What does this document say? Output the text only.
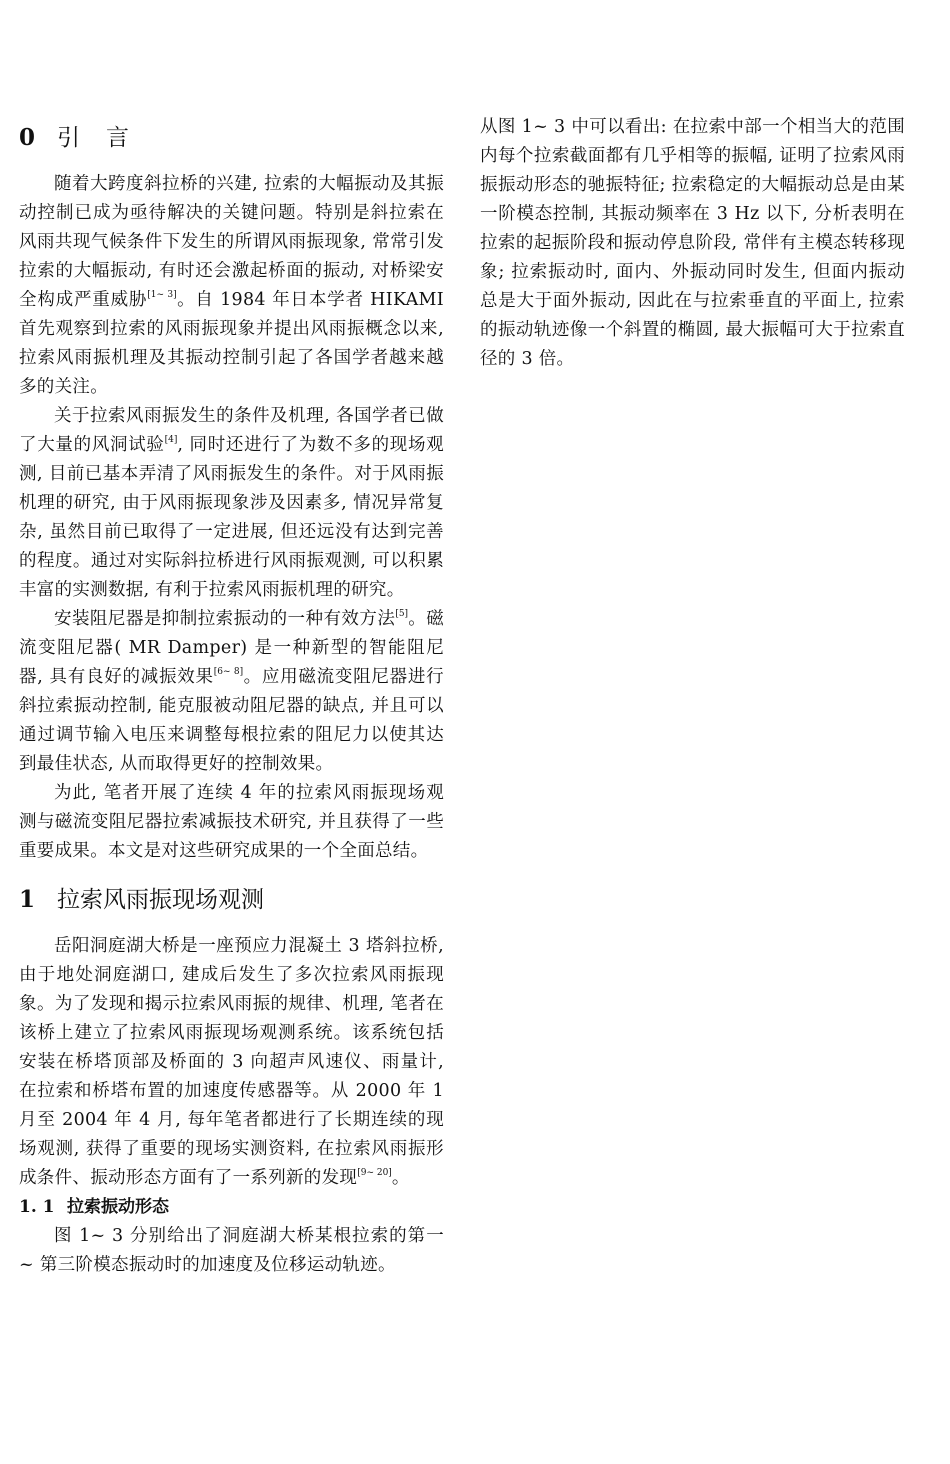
0 引言

随着大跨度斜拉桥的兴建, 拉索的大幅振动及其振动控制已成为亟待解决的关键问题。特别是斜拉索在风雨共现气候条件下发生的所谓风雨振现象, 常常引发拉索的大幅振动, 有时还会激起桥面的振动, 对桥梁安全构成严重威胁[1~ 3]。自 1984 年日本学者 HIKAMI 首先观察到拉索的风雨振现象并提出风雨振概念以来, 拉索风雨振机理及其振动控制引起了各国学者越来越多的关注。

关于拉索风雨振发生的条件及机理, 各国学者已做了大量的风洞试验[4], 同时还进行了为数不多的现场观测, 目前已基本弄清了风雨振发生的条件。对于风雨振机理的研究, 由于风雨振现象涉及因素多, 情况异常复杂, 虽然目前已取得了一定进展, 但还远没有达到完善的程度。通过对实际斜拉桥进行风雨振观测, 可以积累丰富的实测数据, 有利于拉索风雨振机理的研究。

安装阻尼器是抑制拉索振动的一种有效方法[5]。磁流变阻尼器( MR Damper) 是一种新型的智能阻尼器, 具有良好的减振效果[6~ 8]。应用磁流变阻尼器进行斜拉索振动控制, 能克服被动阻尼器的缺点, 并且可以通过调节输入电压来调整每根拉索的阻尼力以使其达到最佳状态, 从而取得更好的控制效果。

为此, 笔者开展了连续 4 年的拉索风雨振现场观测与磁流变阻尼器拉索减振技术研究, 并且获得了一些重要成果。本文是对这些研究成果的一个全面总结。

1 拉索风雨振现场观测

岳阳洞庭湖大桥是一座预应力混凝土 3 塔斜拉桥, 由于地处洞庭湖口, 建成后发生了多次拉索风雨振现象。为了发现和揭示拉索风雨振的规律、机理, 笔者在该桥上建立了拉索风雨振现场观测系统。该系统包括安装在桥塔顶部及桥面的 3 向超声风速仪、雨量计, 在拉索和桥塔布置的加速度传感器等。从 2000 年 1 月至 2004 年 4 月, 每年笔者都进行了长期连续的现场观测, 获得了重要的现场实测资料, 在拉索风雨振形成条件、振动形态方面有了一系列新的发现[9~ 20]。

1. 1 拉索振动形态

图 1~ 3 分别给出了洞庭湖大桥某根拉索的第一~ 第三阶模态振动时的加速度及位移运动轨迹。

从图 1~ 3 中可以看出: 在拉索中部一个相当大的范围内每个拉索截面都有几乎相等的振幅, 证明了拉索风雨振振动形态的驰振特征; 拉索稳定的大幅振动总是由某一阶模态控制, 其振动频率在 3 Hz 以下, 分析表明在拉索的起振阶段和振动停息阶段, 常伴有主模态转移现象; 拉索振动时, 面内、外振动同时发生, 但面内振动总是大于面外振动, 因此在与拉索垂直的平面上, 拉索的振动轨迹像一个斜置的椭圆, 最大振幅可大于拉索直径的 3 倍。
